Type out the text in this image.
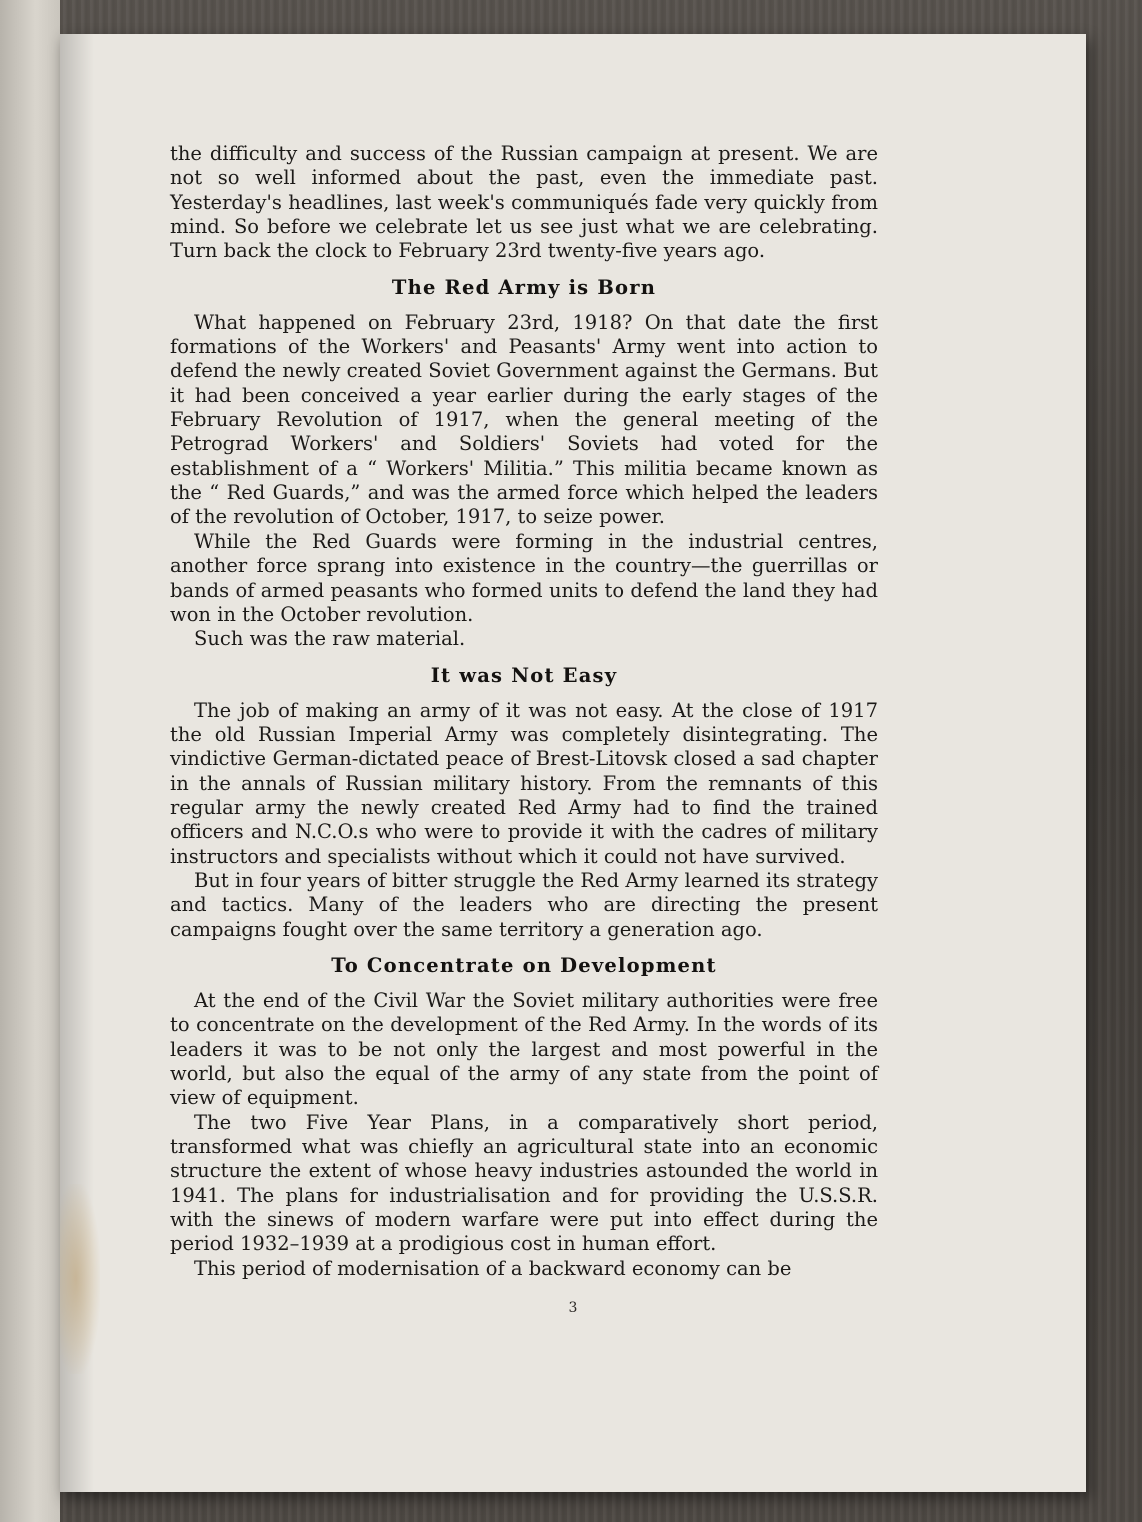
the difficulty and success of the Russian campaign at present. We are not so well informed about the past, even the immediate past. Yesterday's headlines, last week's communiqués fade very quickly from mind. So before we celebrate let us see just what we are celebrating. Turn back the clock to February 23rd twenty-five years ago.

The Red Army is Born

What happened on February 23rd, 1918? On that date the first formations of the Workers' and Peasants' Army went into action to defend the newly created Soviet Government against the Germans. But it had been conceived a year earlier during the early stages of the February Revolution of 1917, when the general meeting of the Petrograd Workers' and Soldiers' Soviets had voted for the establishment of a “ Workers' Militia.” This militia became known as the “ Red Guards,” and was the armed force which helped the leaders of the revolution of October, 1917, to seize power.

While the Red Guards were forming in the industrial centres, another force sprang into existence in the country—the guerrillas or bands of armed peasants who formed units to defend the land they had won in the October revolution.

Such was the raw material.

It was Not Easy

The job of making an army of it was not easy. At the close of 1917 the old Russian Imperial Army was completely disintegrating. The vindictive German-dictated peace of Brest-Litovsk closed a sad chapter in the annals of Russian military history. From the remnants of this regular army the newly created Red Army had to find the trained officers and N.C.O.s who were to provide it with the cadres of military instructors and specialists without which it could not have survived.

But in four years of bitter struggle the Red Army learned its strategy and tactics. Many of the leaders who are directing the present campaigns fought over the same territory a generation ago.

To Concentrate on Development

At the end of the Civil War the Soviet military authorities were free to concentrate on the development of the Red Army. In the words of its leaders it was to be not only the largest and most powerful in the world, but also the equal of the army of any state from the point of view of equipment.

The two Five Year Plans, in a comparatively short period, transformed what was chiefly an agricultural state into an economic structure the extent of whose heavy industries astounded the world in 1941. The plans for industrialisation and for providing the U.S.S.R. with the sinews of modern warfare were put into effect during the period 1932–1939 at a prodigious cost in human effort.

This period of modernisation of a backward economy can be

3
